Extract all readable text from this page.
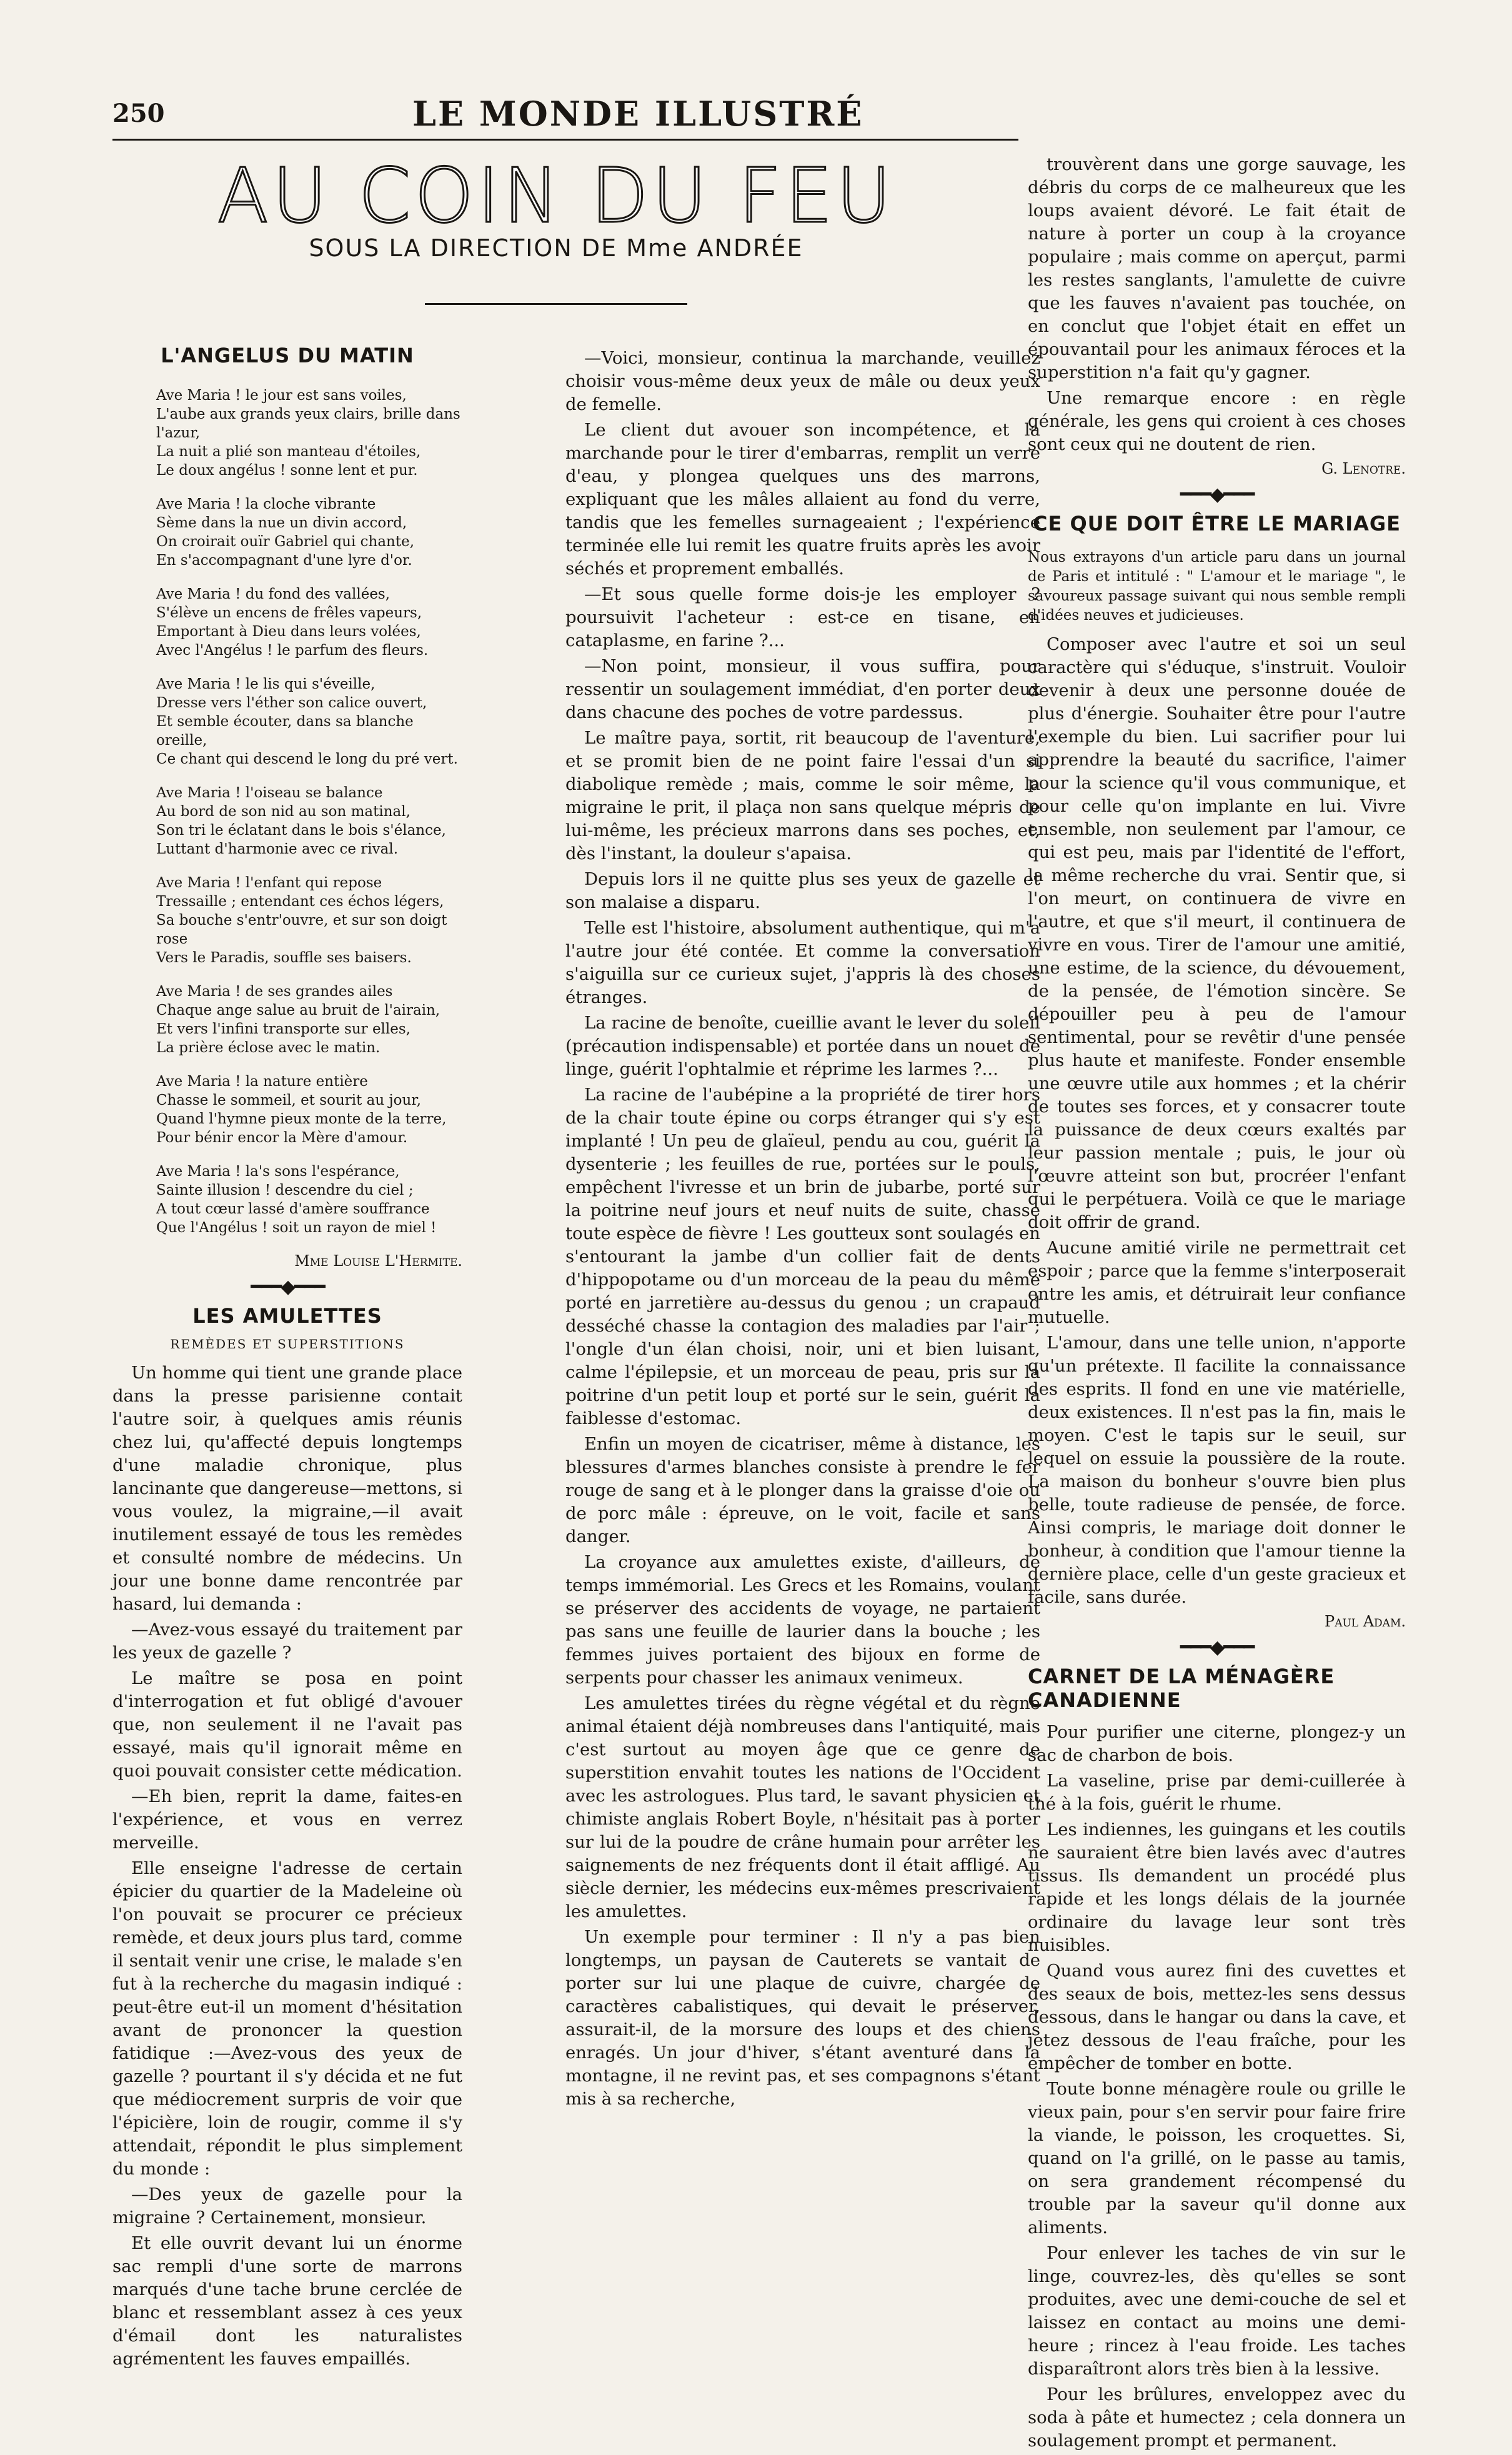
250	LE MONDE ILLUSTRÉ
AU COIN DU FEU
SOUS LA DIRECTION DE Mme ANDRÉE
L'ANGELUS DU MATIN
Ave Maria ! le jour est sans voiles,
L'aube aux grands yeux clairs, brille dans l'azur,
La nuit a plié son manteau d'étoiles,
Le doux angélus ! sonne lent et pur.
Ave Maria ! la cloche vibrante
Sème dans la nue un divin accord,
On croirait ouïr Gabriel qui chante,
En s'accompagnant d'une lyre d'or.
Ave Maria ! du fond des vallées,
S'élève un encens de frêles vapeurs,
Emportant à Dieu dans leurs volées,
Avec l'Angélus ! le parfum des fleurs.
Ave Maria ! le lis qui s'éveille,
Dresse vers l'éther son calice ouvert,
Et semble écouter, dans sa blanche oreille,
Ce chant qui descend le long du pré vert.
Ave Maria ! l'oiseau se balance
Au bord de son nid au son matinal,
Son tri le éclatant dans le bois s'élance,
Luttant d'harmonie avec ce rival.
Ave Maria ! l'enfant qui repose
Tressaille ; entendant ces échos légers,
Sa bouche s'entr'ouvre, et sur son doigt rose
Vers le Paradis, souffle ses baisers.
Ave Maria ! de ses grandes ailes
Chaque ange salue au bruit de l'airain,
Et vers l'infini transporte sur elles,
La prière éclose avec le matin.
Ave Maria ! la nature entière
Chasse le sommeil, et sourit au jour,
Quand l'hymne pieux monte de la terre,
Pour bénir encor la Mère d'amour.
Ave Maria ! la's sons l'espérance,
Sainte illusion ! descendre du ciel ;
A tout cœur lassé d'amère souffrance
Que l'Angélus ! soit un rayon de miel !
Mme Louise L'Hermite.
━━━◆━━━
LES AMULETTES
REMÈDES ET SUPERSTITIONS

Un homme qui tient une grande place dans la presse parisienne contait l'autre soir, à quelques amis réunis chez lui, qu'affecté depuis longtemps d'une maladie chronique, plus lancinante que dangereuse—mettons, si vous voulez, la migraine,—il avait inutilement essayé de tous les remèdes et consulté nombre de médecins. Un jour une bonne dame rencontrée par hasard, lui demanda :

—Avez-vous essayé du traitement par les yeux de gazelle ?

Le maître se posa en point d'interrogation et fut obligé d'avouer que, non seulement il ne l'avait pas essayé, mais qu'il ignorait même en quoi pouvait consister cette médication.

—Eh bien, reprit la dame, faites-en l'expérience, et vous en verrez merveille.

Elle enseigne l'adresse de certain épicier du quartier de la Madeleine où l'on pouvait se procurer ce précieux remède, et deux jours plus tard, comme il sentait venir une crise, le malade s'en fut à la recherche du magasin indiqué : peut-être eut-il un moment d'hésitation avant de prononcer la question fatidique :—Avez-vous des yeux de gazelle ? pourtant il s'y décida et ne fut que médiocrement surpris de voir que l'épicière, loin de rougir, comme il s'y attendait, répondit le plus simplement du monde :

—Des yeux de gazelle pour la migraine ? Certainement, monsieur.

Et elle ouvrit devant lui un énorme sac rempli d'une sorte de marrons marqués d'une tache brune cerclée de blanc et ressemblant assez à ces yeux d'émail dont les naturalistes agrémentent les fauves empaillés.

—Voici, monsieur, continua la marchande, veuillez choisir vous-même deux yeux de mâle ou deux yeux de femelle.

Le client dut avouer son incompétence, et la marchande pour le tirer d'embarras, remplit un verre d'eau, y plongea quelques uns des marrons, expliquant que les mâles allaient au fond du verre, tandis que les femelles surnageaient ; l'expérience terminée elle lui remit les quatre fruits après les avoir séchés et proprement emballés.

—Et sous quelle forme dois-je les employer ? poursuivit l'acheteur : est-ce en tisane, en cataplasme, en farine ?...

—Non point, monsieur, il vous suffira, pour ressentir un soulagement immédiat, d'en porter deux dans chacune des poches de votre pardessus.

Le maître paya, sortit, rit beaucoup de l'aventure, et se promit bien de ne point faire l'essai d'un si diabolique remède ; mais, comme le soir même, la migraine le prit, il plaça non sans quelque mépris de lui-même, les précieux marrons dans ses poches, et, dès l'instant, la douleur s'apaisa.

Depuis lors il ne quitte plus ses yeux de gazelle et son malaise a disparu.

Telle est l'histoire, absolument authentique, qui m'a l'autre jour été contée. Et comme la conversation s'aiguilla sur ce curieux sujet, j'appris là des choses étranges.

La racine de benoîte, cueillie avant le lever du soleil (précaution indispensable) et portée dans un nouet de linge, guérit l'ophtalmie et réprime les larmes ?...

La racine de l'aubépine a la propriété de tirer hors de la chair toute épine ou corps étranger qui s'y est implanté ! Un peu de glaïeul, pendu au cou, guérit la dysenterie ; les feuilles de rue, portées sur le pouls, empêchent l'ivresse et un brin de jubarbe, porté sur la poitrine neuf jours et neuf nuits de suite, chasse toute espèce de fièvre ! Les goutteux sont soulagés en s'entourant la jambe d'un collier fait de dents d'hippopotame ou d'un morceau de la peau du même porté en jarretière au-dessus du genou ; un crapaud desséché chasse la contagion des maladies par l'air ; l'ongle d'un élan choisi, noir, uni et bien luisant, calme l'épilepsie, et un morceau de peau, pris sur la poitrine d'un petit loup et porté sur le sein, guérit la faiblesse d'estomac.

Enfin un moyen de cicatriser, même à distance, les blessures d'armes blanches consiste à prendre le fer rouge de sang et à le plonger dans la graisse d'oie ou de porc mâle : épreuve, on le voit, facile et sans danger.

La croyance aux amulettes existe, d'ailleurs, de temps immémorial. Les Grecs et les Romains, voulant se préserver des accidents de voyage, ne partaient pas sans une feuille de laurier dans la bouche ; les femmes juives portaient des bijoux en forme de serpents pour chasser les animaux venimeux.

Les amulettes tirées du règne végétal et du règne animal étaient déjà nombreuses dans l'antiquité, mais c'est surtout au moyen âge que ce genre de superstition envahit toutes les nations de l'Occident avec les astrologues. Plus tard, le savant physicien et chimiste anglais Robert Boyle, n'hésitait pas à porter sur lui de la poudre de crâne humain pour arrêter les saignements de nez fréquents dont il était affligé. Au siècle dernier, les médecins eux-mêmes prescrivaient les amulettes.

Un exemple pour terminer : Il n'y a pas bien longtemps, un paysan de Cauterets se vantait de porter sur lui une plaque de cuivre, chargée de caractères cabalistiques, qui devait le préserver, assurait-il, de la morsure des loups et des chiens enragés. Un jour d'hiver, s'étant aventuré dans la montagne, il ne revint pas, et ses compagnons s'étant mis à sa recherche,

trouvèrent dans une gorge sauvage, les débris du corps de ce malheureux que les loups avaient dévoré. Le fait était de nature à porter un coup à la croyance populaire ; mais comme on aperçut, parmi les restes sanglants, l'amulette de cuivre que les fauves n'avaient pas touchée, on en conclut que l'objet était en effet un épouvantail pour les animaux féroces et la superstition n'a fait qu'y gagner.

Une remarque encore : en règle générale, les gens qui croient à ces choses sont ceux qui ne doutent de rien.

G. Lenotre.
━━━◆━━━
CE QUE DOIT ÊTRE LE MARIAGE
Nous extrayons d'un article paru dans un journal de Paris et intitulé : " L'amour et le mariage ", le savoureux passage suivant qui nous semble rempli d'idées neuves et judicieuses.

Composer avec l'autre et soi un seul caractère qui s'éduque, s'instruit. Vouloir devenir à deux une personne douée de plus d'énergie. Souhaiter être pour l'autre l'exemple du bien. Lui sacrifier pour lui apprendre la beauté du sacrifice, l'aimer pour la science qu'il vous communique, et pour celle qu'on implante en lui. Vivre ensemble, non seulement par l'amour, ce qui est peu, mais par l'identité de l'effort, la même recherche du vrai. Sentir que, si l'on meurt, on continuera de vivre en l'autre, et que s'il meurt, il continuera de vivre en vous. Tirer de l'amour une amitié, une estime, de la science, du dévouement, de la pensée, de l'émotion sincère. Se dépouiller peu à peu de l'amour sentimental, pour se revêtir d'une pensée plus haute et manifeste. Fonder ensemble une œuvre utile aux hommes ; et la chérir de toutes ses forces, et y consacrer toute la puissance de deux cœurs exaltés par leur passion mentale ; puis, le jour où l'œuvre atteint son but, procréer l'enfant qui le perpétuera. Voilà ce que le mariage doit offrir de grand.

Aucune amitié virile ne permettrait cet espoir ; parce que la femme s'interposerait entre les amis, et détruirait leur confiance mutuelle.

L'amour, dans une telle union, n'apporte qu'un prétexte. Il facilite la connaissance des esprits. Il fond en une vie matérielle, deux existences. Il n'est pas la fin, mais le moyen. C'est le tapis sur le seuil, sur lequel on essuie la poussière de la route. La maison du bonheur s'ouvre bien plus belle, toute radieuse de pensée, de force. Ainsi compris, le mariage doit donner le bonheur, à condition que l'amour tienne la dernière place, celle d'un geste gracieux et facile, sans durée.

Paul Adam.
━━━◆━━━
CARNET DE LA MÉNAGÈRE CANADIENNE

Pour purifier une citerne, plongez-y un sac de charbon de bois.

La vaseline, prise par demi-cuillerée à thé à la fois, guérit le rhume.

Les indiennes, les guingans et les coutils ne sauraient être bien lavés avec d'autres tissus. Ils demandent un procédé plus rapide et les longs délais de la journée ordinaire du lavage leur sont très nuisibles.

Quand vous aurez fini des cuvettes et des seaux de bois, mettez-les sens dessus dessous, dans le hangar ou dans la cave, et jetez dessous de l'eau fraîche, pour les empêcher de tomber en botte.

Toute bonne ménagère roule ou grille le vieux pain, pour s'en servir pour faire frire la viande, le poisson, les croquettes. Si, quand on l'a grillé, on le passe au tamis, on sera grandement récompensé du trouble par la saveur qu'il donne aux aliments.

Pour enlever les taches de vin sur le linge, couvrez-les, dès qu'elles se sont produites, avec une demi-couche de sel et laissez en contact au moins une demi-heure ; rincez à l'eau froide. Les taches disparaîtront alors très bien à la lessive.

Pour les brûlures, enveloppez avec du soda à pâte et humectez ; cela donnera un soulagement prompt et permanent.
